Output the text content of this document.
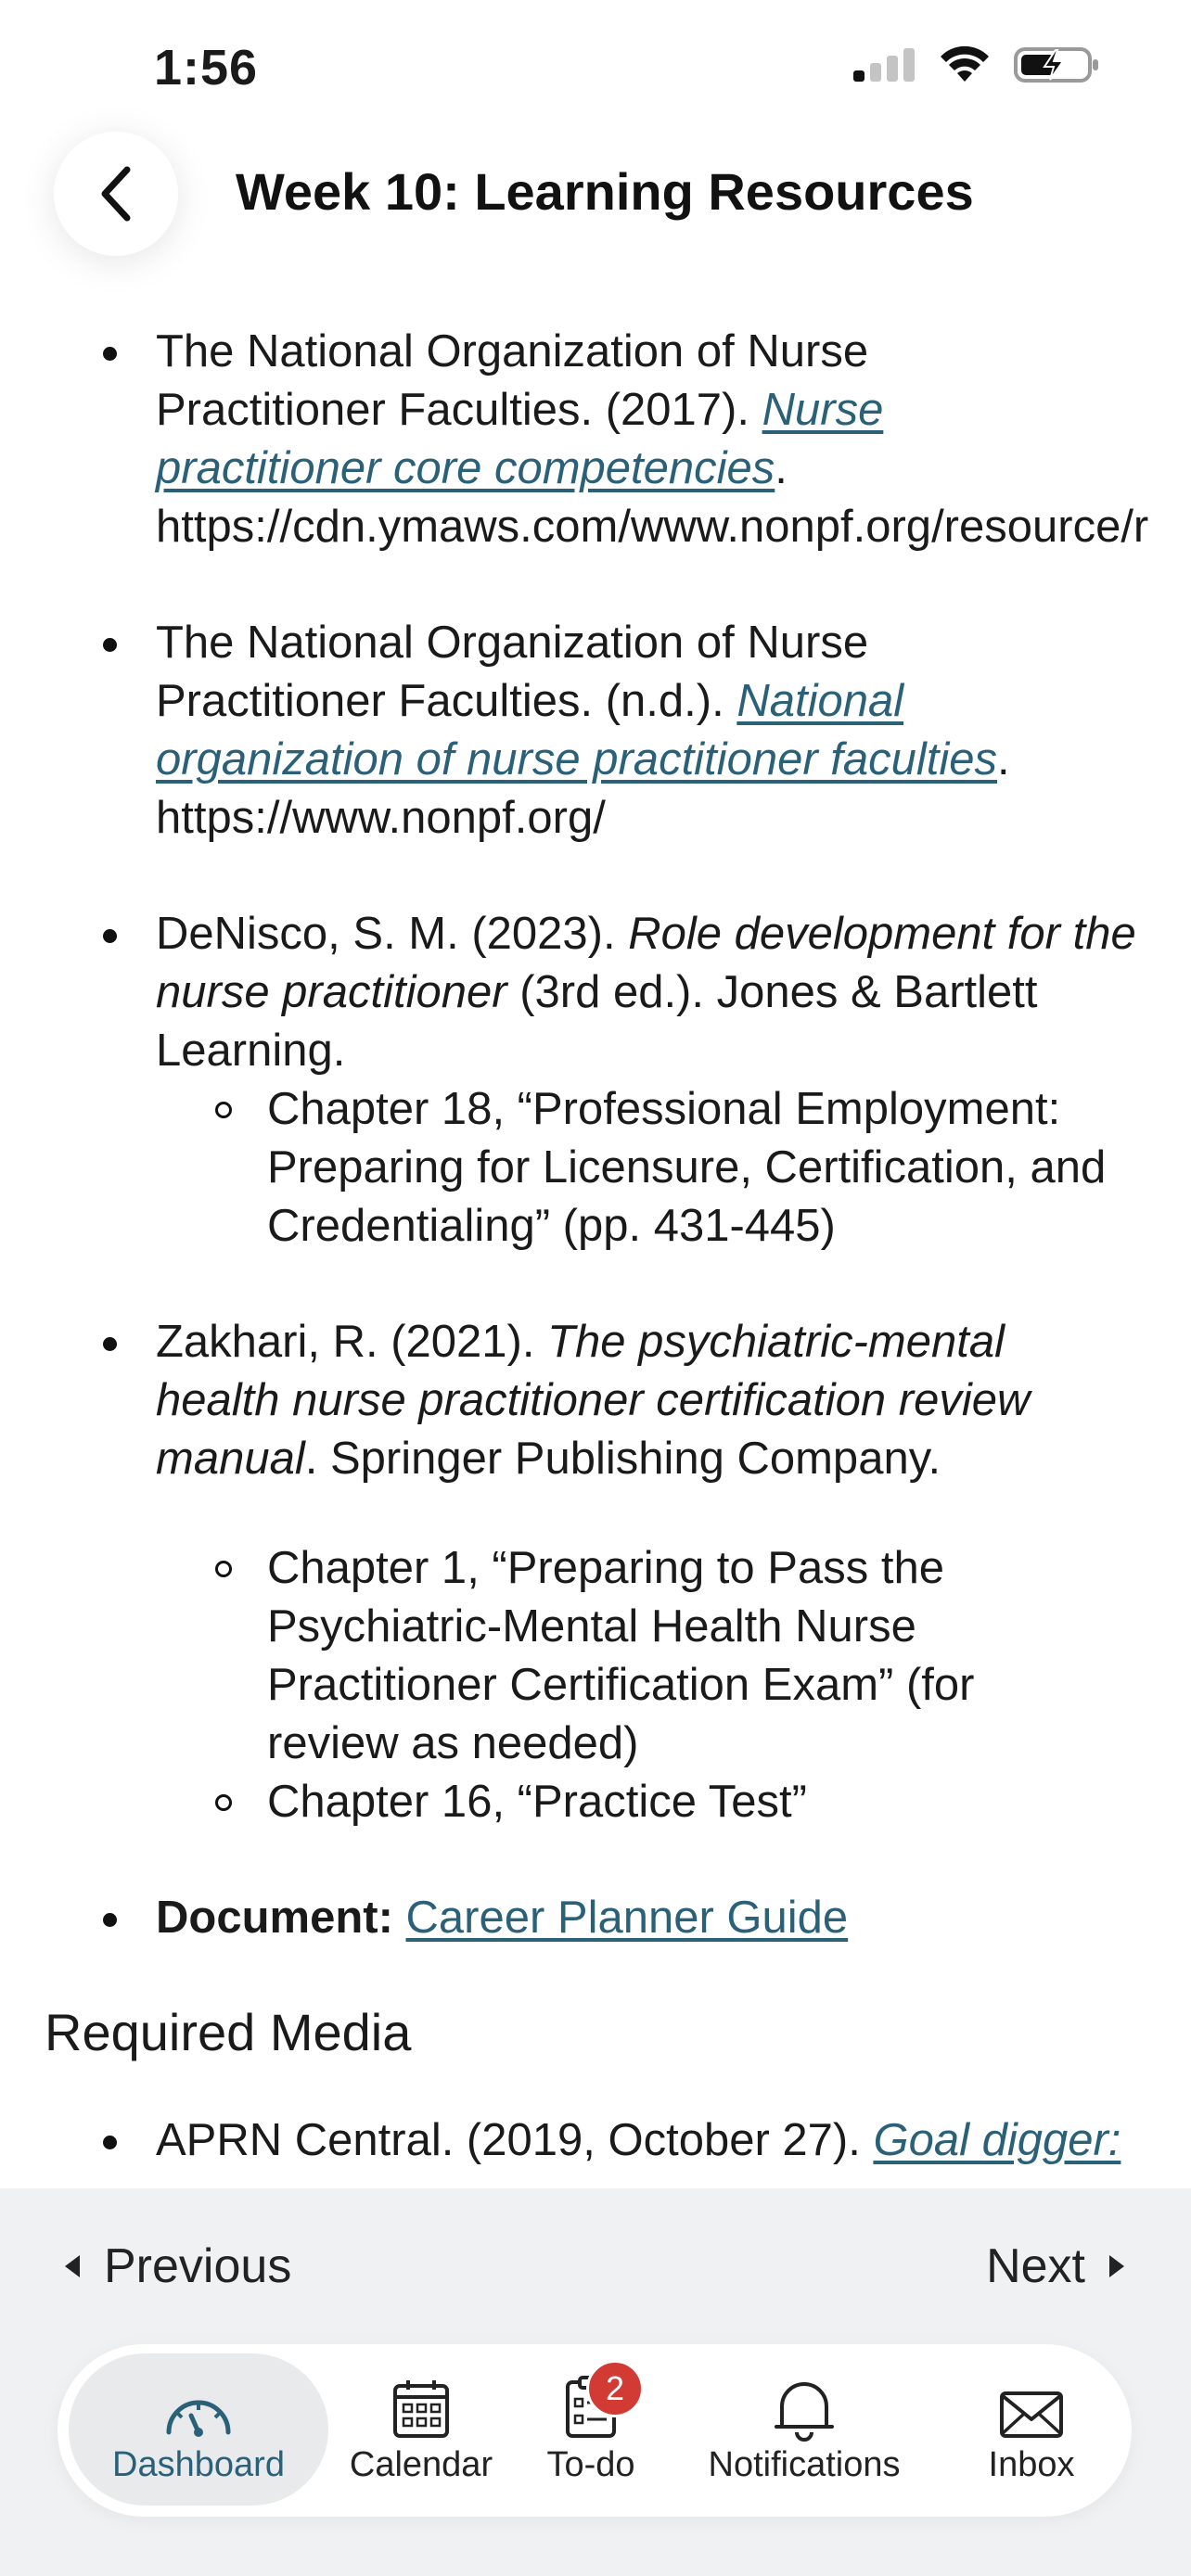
1:56
Week 10: Learning Resources
The National Organization of Nurse
Practitioner Faculties. (2017). Nurse
practitioner core competencies.
https://cdn.ymaws.com/www.nonpf.org/resource/r
The National Organization of Nurse
Practitioner Faculties. (n.d.). National
organization of nurse practitioner faculties.
https://www.nonpf.org/
DeNisco, S. M. (2023). Role development for the
nurse practitioner (3rd ed.). Jones & Bartlett
Learning.
Chapter 18, “Professional Employment:
Preparing for Licensure, Certification, and
Credentialing” (pp. 431-445)
Zakhari, R. (2021). The psychiatric-mental
health nurse practitioner certification review
manual. Springer Publishing Company.
Chapter 1, “Preparing to Pass the
Psychiatric-Mental Health Nurse
Practitioner Certification Exam” (for
review as needed)
Chapter 16, “Practice Test”
Document: Career Planner Guide
Required Media
APRN Central. (2019, October 27). Goal digger:
Previous	Next
Dashboard Calendar
2
To-do Notifications	Inbox
